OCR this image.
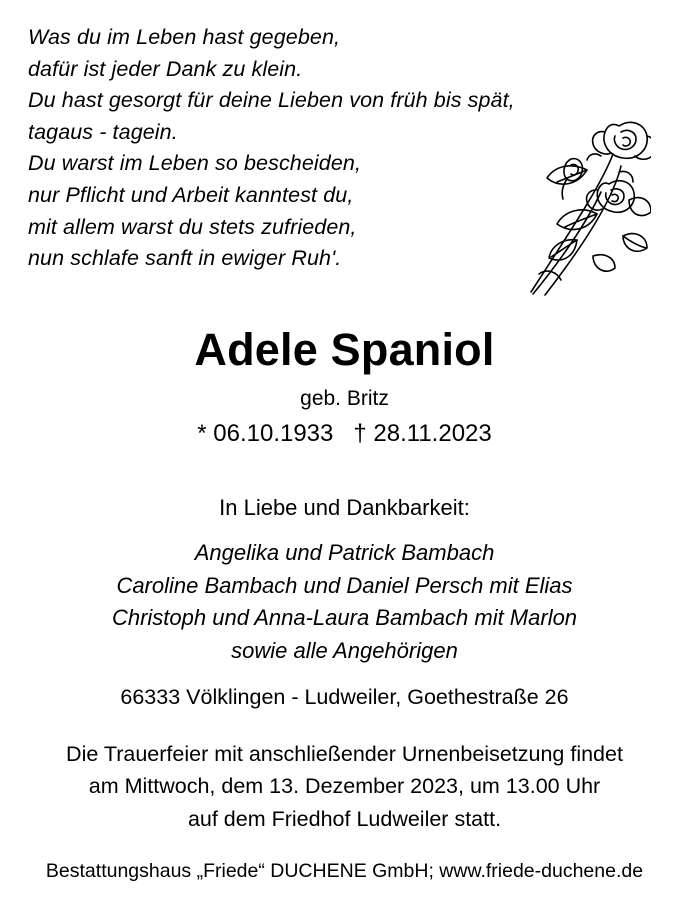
Was du im Leben hast gegeben,
dafür ist jeder Dank zu klein.
Du hast gesorgt für deine Lieben von früh bis spät,
tagaus - tagein.
Du warst im Leben so bescheiden,
nur Pflicht und Arbeit kanntest du,
mit allem warst du stets zufrieden,
nun schlafe sanft in ewiger Ruh'.
Adele Spaniol
geb. Britz
* 06.10.1933   † 28.11.2023
In Liebe und Dankbarkeit:
Angelika und Patrick Bambach
Caroline Bambach und Daniel Persch mit Elias
Christoph und Anna-Laura Bambach mit Marlon
sowie alle Angehörigen
66333 Völklingen - Ludweiler, Goethestraße 26
Die Trauerfeier mit anschließender Urnenbeisetzung findet
am Mittwoch, dem 13. Dezember 2023, um 13.00 Uhr
auf dem Friedhof Ludweiler statt.
Bestattungshaus „Friede“ DUCHENE GmbH; www.friede-duchene.de
